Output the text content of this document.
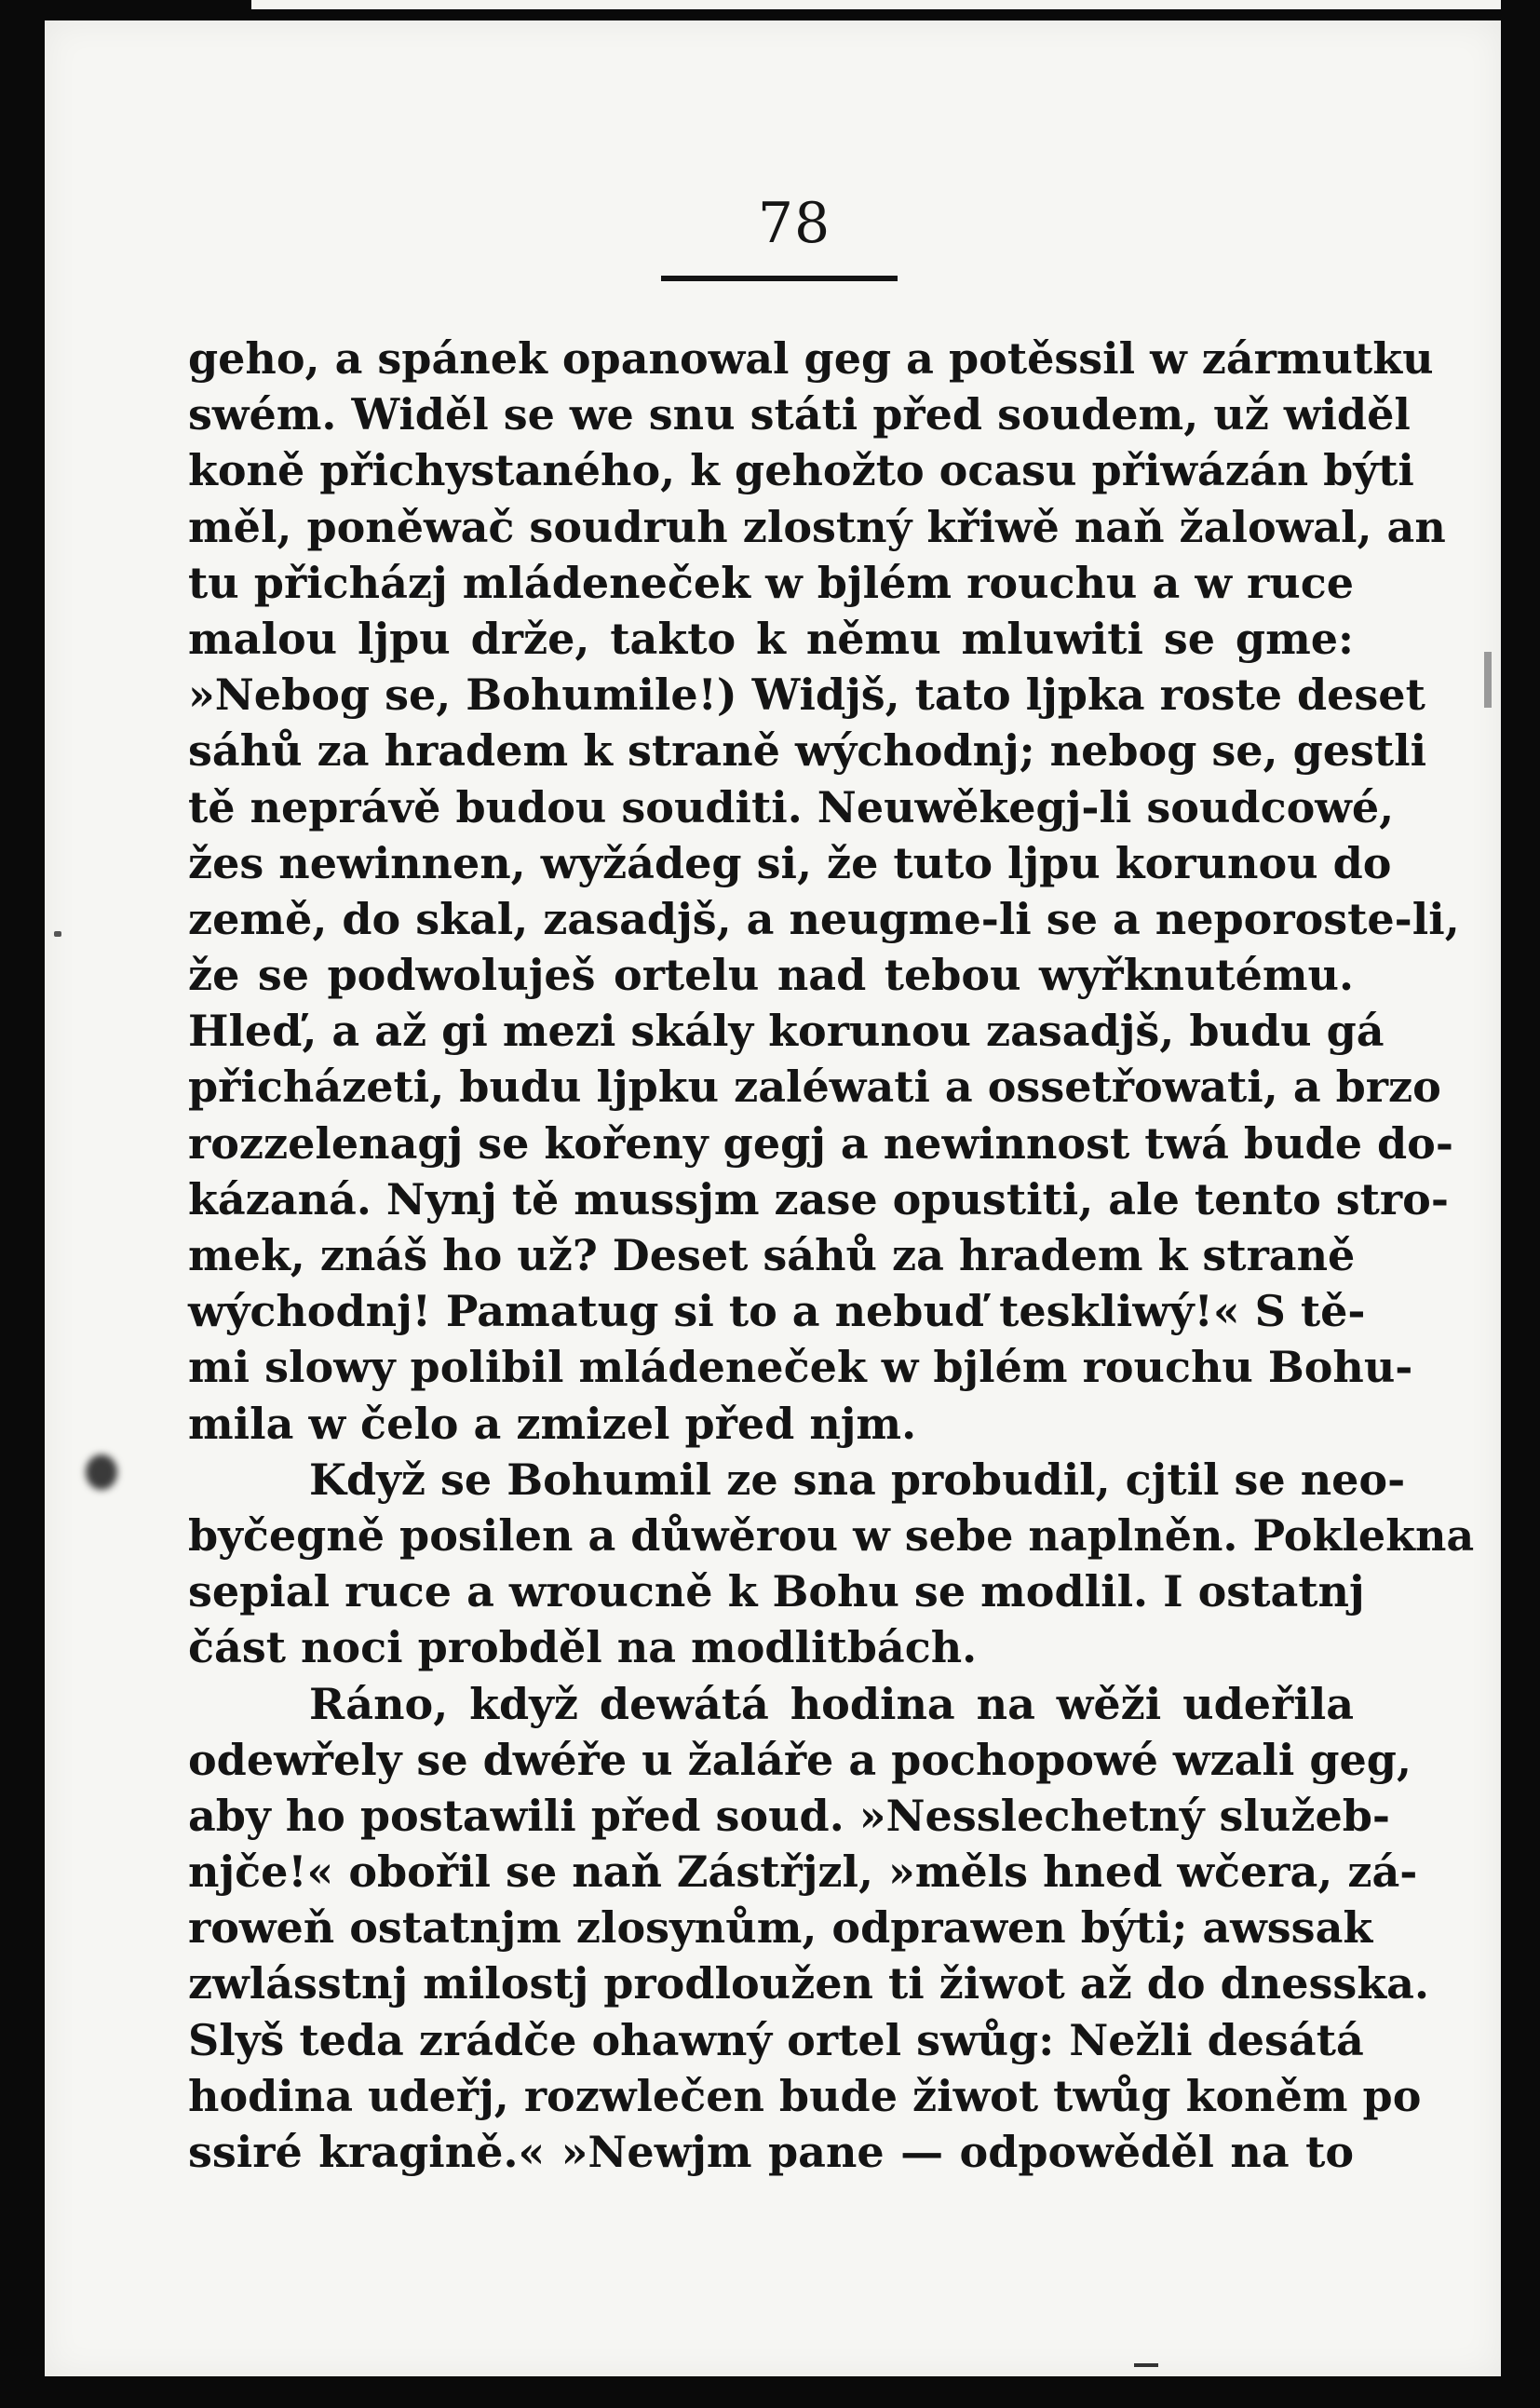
78
geho, a spánek opanowal geg a potěssil w zármutku
swém. Widěl se we snu státi před soudem, už widěl
koně přichystaného, k gehožto ocasu přiwázán býti
měl, poněwač soudruh zlostný křiwě naň žalowal, an
tu přicházj mládeneček w bjlém rouchu a w ruce
malou ljpu drže, takto k němu mluwiti se gme:
»Nebog se, Bohumile!) Widjš, tato ljpka roste deset
sáhů za hradem k straně wýchodnj; nebog se, gestli
tě neprávě budou souditi. Neuwěkegj-li soudcowé,
žes newinnen, wyžádeg si, že tuto ljpu korunou do
země, do skal, zasadjš, a neugme-li se a neporoste-li,
že se podwoluješ ortelu nad tebou wyřknutému.
Hleď, a až gi mezi skály korunou zasadjš, budu gá
přicházeti, budu ljpku zaléwati a ossetřowati, a brzo
rozzelenagj se kořeny gegj a newinnost twá bude do-
kázaná. Nynj tě mussjm zase opustiti, ale tento stro-
mek, znáš ho už? Deset sáhů za hradem k straně
wýchodnj! Pamatug si to a nebuď teskliwý!« S tě-
mi slowy polibil mládeneček w bjlém rouchu Bohu-
mila w čelo a zmizel před njm.
Když se Bohumil ze sna probudil, cjtil se neo-
byčegně posilen a důwěrou w sebe naplněn. Poklekna
sepial ruce a wroucně k Bohu se modlil. I ostatnj
část noci probděl na modlitbách.
Ráno, když dewátá hodina na wěži udeřila
odewřely se dwéře u žaláře a pochopowé wzali geg,
aby ho postawili před soud. »Nesslechetný služeb-
njče!« obořil se naň Zástřjzl, »měls hned wčera, zá-
roweň ostatnjm zlosynům, odprawen býti; awssak
zwlásstnj milostj prodloužen ti žiwot až do dnesska.
Slyš teda zrádče ohawný ortel swůg: Nežli desátá
hodina udeřj, rozwlečen bude žiwot twůg koněm po
ssiré kragině.« »Newjm pane — odpowěděl na to
